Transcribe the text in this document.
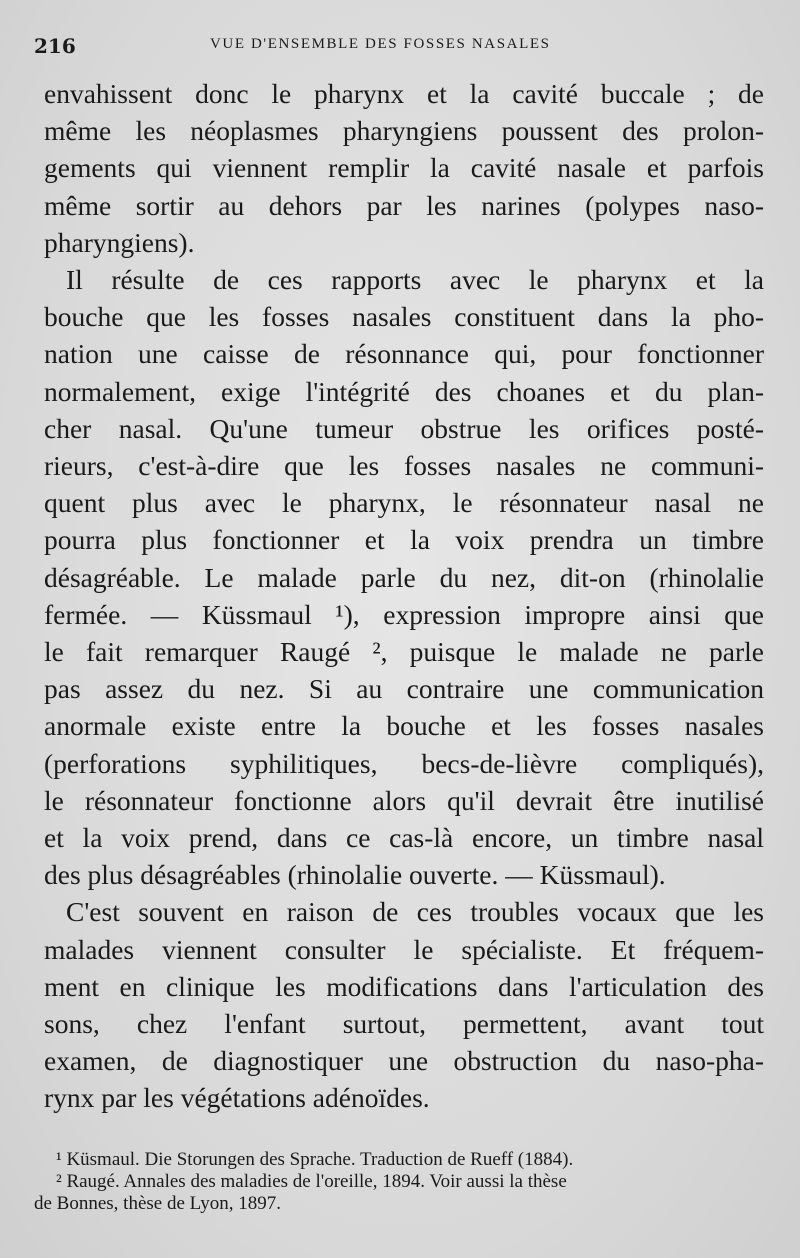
216	VUE D'ENSEMBLE DES FOSSES NASALES
envahissent donc le pharynx et la cavité buccale ; de
même les néoplasmes pharyngiens poussent des prolon-
gements qui viennent remplir la cavité nasale et parfois
même sortir au dehors par les narines (polypes naso-
pharyngiens).
Il résulte de ces rapports avec le pharynx et la
bouche que les fosses nasales constituent dans la pho-
nation une caisse de résonnance qui, pour fonctionner
normalement, exige l'intégrité des choanes et du plan-
cher nasal. Qu'une tumeur obstrue les orifices posté-
rieurs, c'est-à-dire que les fosses nasales ne communi-
quent plus avec le pharynx, le résonnateur nasal ne
pourra plus fonctionner et la voix prendra un timbre
désagréable. Le malade parle du nez, dit-on (rhinolalie
fermée. — Küssmaul ¹), expression impropre ainsi que
le fait remarquer Raugé ², puisque le malade ne parle
pas assez du nez. Si au contraire une communication
anormale existe entre la bouche et les fosses nasales
(perforations syphilitiques, becs-de-lièvre compliqués),
le résonnateur fonctionne alors qu'il devrait être inutilisé
et la voix prend, dans ce cas-là encore, un timbre nasal
des plus désagréables (rhinolalie ouverte. — Küssmaul).
C'est souvent en raison de ces troubles vocaux que les
malades viennent consulter le spécialiste. Et fréquem-
ment en clinique les modifications dans l'articulation des
sons, chez l'enfant surtout, permettent, avant tout
examen, de diagnostiquer une obstruction du naso-pha-
rynx par les végétations adénoïdes.
¹ Küsmaul. Die Storungen des Sprache. Traduction de Rueff (1884).
² Raugé. Annales des maladies de l'oreille, 1894. Voir aussi la thèse
de Bonnes, thèse de Lyon, 1897.
